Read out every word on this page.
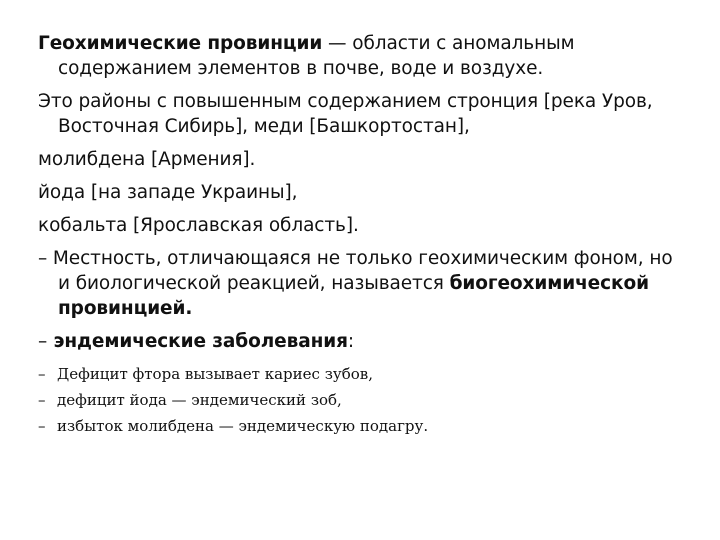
Геохимические провинции — области с аномальным содержанием элементов в почве, воде и воздухе.

Это районы с повышенным содержанием стронция [река Уров, Восточная Сибирь], меди [Башкортостан],

молибдена [Армения].

йода [на западе Украины],

кобальта [Ярославская область].

– Местность, отличающаяся не только геохимическим фоном, но и биологической реакцией, называется биогеохимической провинцией.

– эндемические заболевания:

– Дефицит фтора вызывает кариес зубов,
– дефицит йода — эндемический зоб,
– избыток молибдена — эндемическую подагру.
